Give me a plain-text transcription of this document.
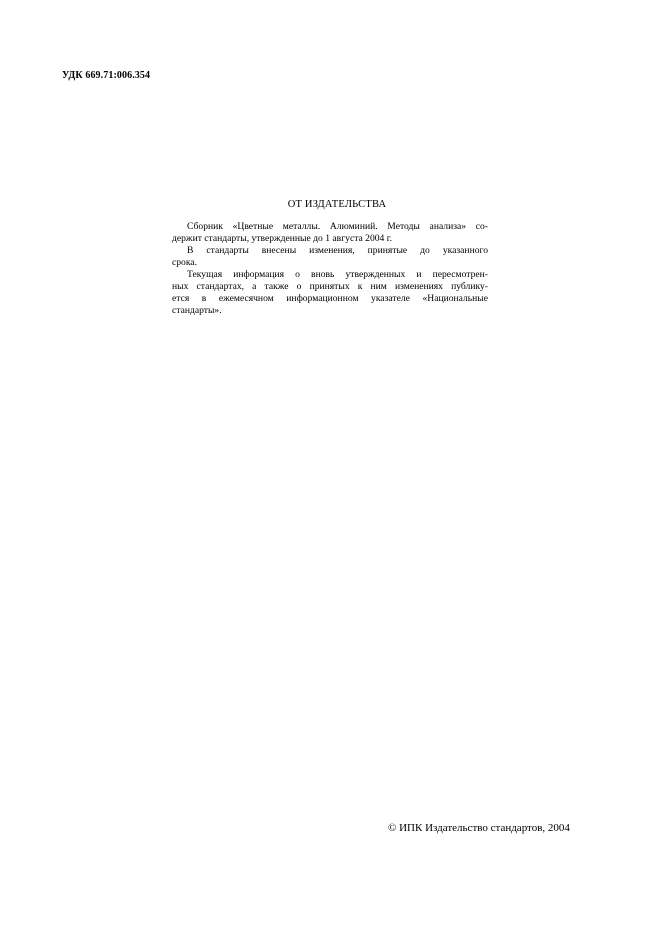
УДК 669.71:006.354
ОТ ИЗДАТЕЛЬСТВА

Сборник «Цветные металлы. Алюминий. Методы анализа» со-
держит стандарты, утвержденные до 1 августа 2004 г.

В стандарты внесены изменения, принятые до указанного
срока.

Текущая информация о вновь утвержденных и пересмотрен-
ных стандартах, а также о принятых к ним изменениях публику-
ется в ежемесячном информационном указателе «Национальные
стандарты».

© ИПК Издательство стандартов, 2004
